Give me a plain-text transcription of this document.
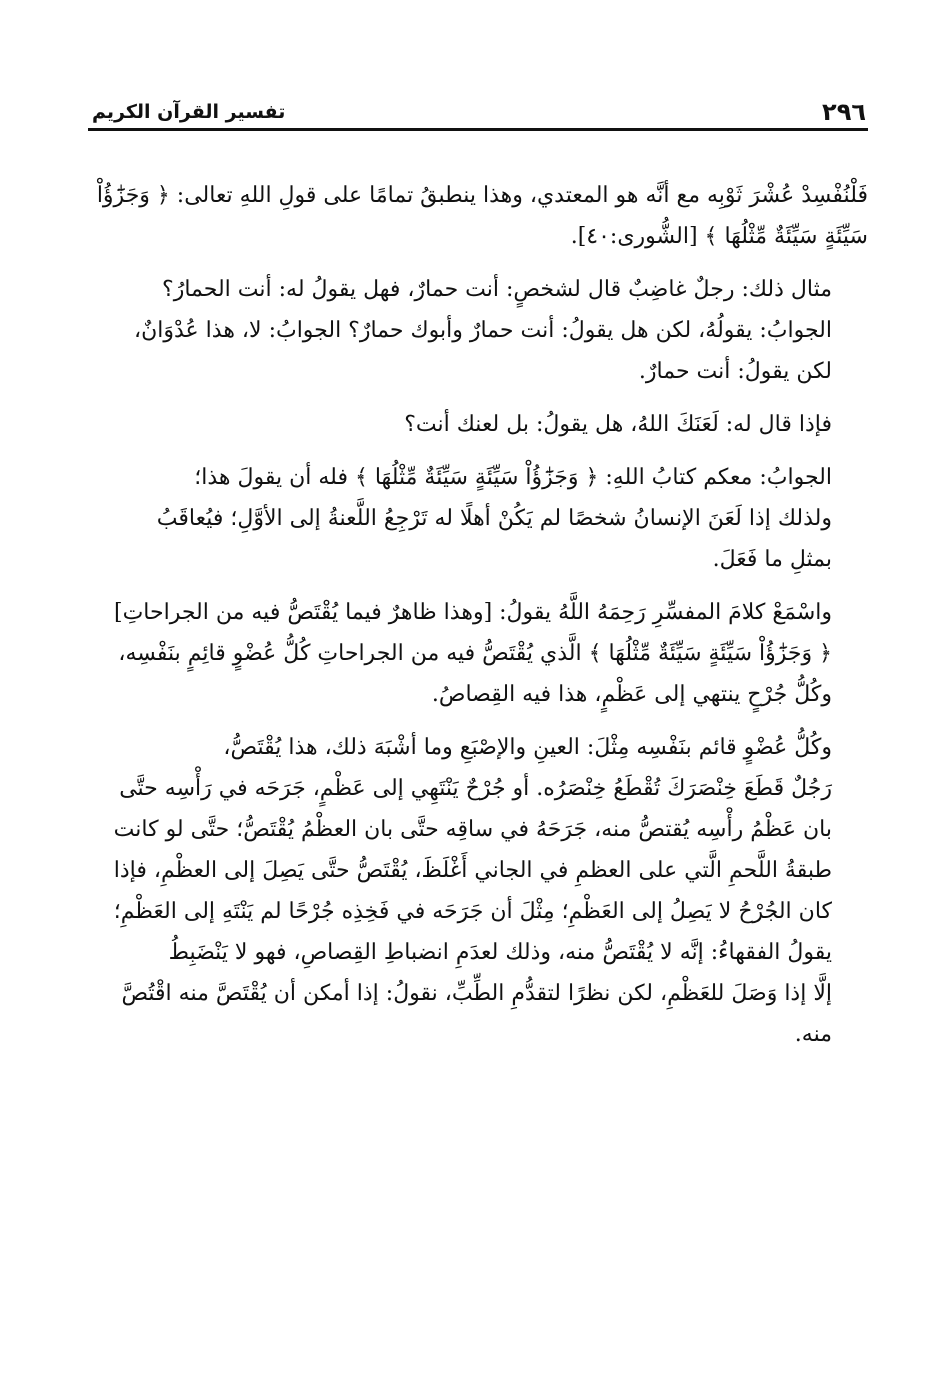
٢٩٦
تفسير القرآن الكريم

فَلْنُفْسِدْ عُشْرَ ثَوْبِه مع أنَّه هو المعتدي، وهذا ينطبقُ تمامًا على قولِ اللهِ تعالى: ﴿ وَجَزَٰٓؤُاْ
سَيِّئَةٍ سَيِّئَةٌ مِّثْلُهَا ﴾ [الشُّورى:٤٠].

مثال ذلك: رجلٌ غاضِبٌ قال لشخصٍ: أنت حمارٌ، فهل يقولُ له: أنت الحمارُ؟
الجوابُ: يقولُهُ، لكن هل يقولُ: أنت حمارٌ وأبوك حمارٌ؟ الجوابُ: لا، هذا عُدْوَانٌ،
لكن يقولُ: أنت حمارٌ.

فإذا قال له: لَعَنَكَ اللهُ، هل يقولُ: بل لعنك أنت؟

الجوابُ: معكم كتابُ اللهِ: ﴿ وَجَزَٰٓؤُاْ سَيِّئَةٍ سَيِّئَةٌ مِّثْلُهَا ﴾ فله أن يقولَ هذا؛
ولذلك إذا لَعَنَ الإنسانُ شخصًا لم يَكُنْ أهلًا له تَرْجِعُ اللَّعنةُ إلى الأوَّلِ؛ فيُعاقَبُ
بمثلِ ما فَعَلَ.

واسْمَعْ كلامَ المفسِّرِ رَحِمَهُ اللَّهُ يقولُ: [وهذا ظاهرٌ فيما يُقْتَصُّ فيه من الجراحاتِ]
﴿ وَجَزَٰٓؤُاْ سَيِّئَةٍ سَيِّئَةٌ مِّثْلُهَا ﴾ الَّذي يُقْتَصُّ فيه من الجراحاتِ كُلُّ عُضْوٍ قائِمٍ بنَفْسِه،
وكُلُّ جُرْحٍ ينتهي إلى عَظْمٍ، هذا فيه القِصاصُ.

وكُلُّ عُضْوٍ قائم بنَفْسِه مِثْلَ: العينِ والإصْبَعِ وما أشْبَهَ ذلك، هذا يُقْتَصُّ،
رَجُلٌ قَطَعَ خِنْصَرَكَ تُقْطَعُ خِنْصَرُه. أو جُرْحٌ يَنْتَهِي إلى عَظْمٍ، جَرَحَه في رَأْسِه حتَّى
بان عَظْمُ رأْسِه يُقتصُّ منه، جَرَحَهُ في ساقِه حتَّى بان العظْمُ يُقْتَصُّ؛ حتَّى لو كانت
طبقةُ اللَّحمِ الَّتي على العظمِ في الجاني أَغْلَظَ، يُقْتَصُّ حتَّى يَصِلَ إلى العظْمِ، فإذا
كان الجُرْحُ لا يَصِلُ إلى العَظْمِ؛ مِثْلَ أن جَرَحَه في فَخِذِه جُرْحًا لم يَنْتَهِ إلى العَظْمِ؛
يقولُ الفقهاءُ: إنَّه لا يُقْتَصُّ منه، وذلك لعدَمِ انضباطِ القِصاصِ، فهو لا يَنْضَبِطُ
إلَّا إذا وَصَلَ للعَظْمِ، لكن نظرًا لتقدُّمِ الطِّبِّ، نقولُ: إذا أمكن أن يُقْتَصَّ منه اقْتُصَّ
منه.
